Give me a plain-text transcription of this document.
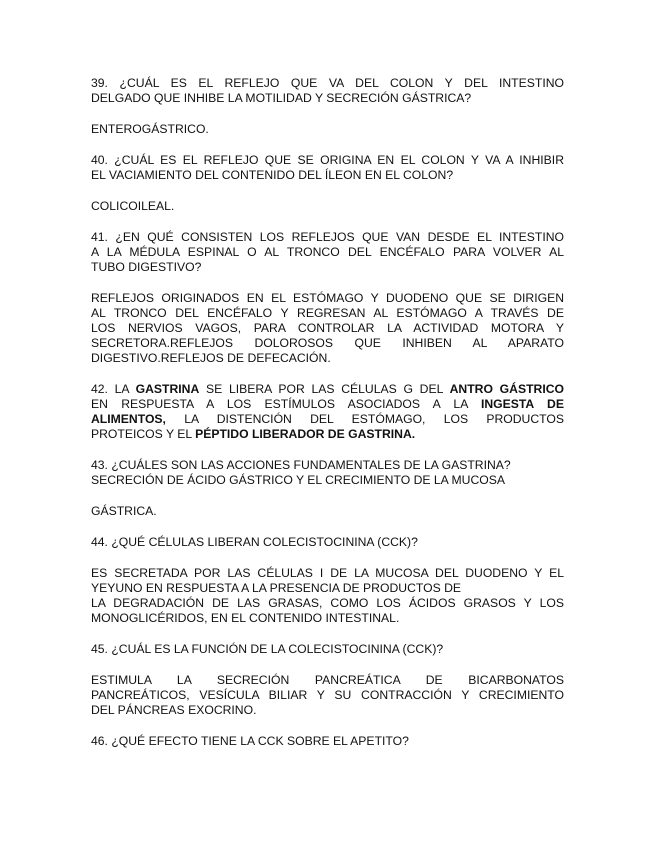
39. ¿CUÁL ES EL REFLEJO QUE VA DEL COLON Y DEL INTESTINO
DELGADO QUE INHIBE LA MOTILIDAD Y SECRECIÓN GÁSTRICA?
ENTEROGÁSTRICO.
40. ¿CUÁL ES EL REFLEJO QUE SE ORIGINA EN EL COLON Y VA A INHIBIR
EL VACIAMIENTO DEL CONTENIDO DEL ÍLEON EN EL COLON?
COLICOILEAL.
41. ¿EN QUÉ CONSISTEN LOS REFLEJOS QUE VAN DESDE EL INTESTINO
A LA MÉDULA ESPINAL O AL TRONCO DEL ENCÉFALO PARA VOLVER AL
TUBO DIGESTIVO?
REFLEJOS ORIGINADOS EN EL ESTÓMAGO Y DUODENO QUE SE DIRIGEN
AL TRONCO DEL ENCÉFALO Y REGRESAN AL ESTÓMAGO A TRAVÉS DE
LOS NERVIOS VAGOS, PARA CONTROLAR LA ACTIVIDAD MOTORA Y
SECRETORA.REFLEJOS DOLOROSOS QUE INHIBEN AL APARATO
DIGESTIVO.REFLEJOS DE DEFECACIÓN.
42. LA GASTRINA SE LIBERA POR LAS CÉLULAS G DEL ANTRO GÁSTRICO
EN RESPUESTA A LOS ESTÍMULOS ASOCIADOS A LA INGESTA DE
ALIMENTOS, LA DISTENCIÓN DEL ESTÓMAGO, LOS PRODUCTOS
PROTEICOS Y EL PÉPTIDO LIBERADOR DE GASTRINA.
43. ¿CUÁLES SON LAS ACCIONES FUNDAMENTALES DE LA GASTRINA?
SECRECIÓN DE ÁCIDO GÁSTRICO Y EL CRECIMIENTO DE LA MUCOSA
GÁSTRICA.
44. ¿QUÉ CÉLULAS LIBERAN COLECISTOCININA (CCK)?
ES SECRETADA POR LAS CÉLULAS I DE LA MUCOSA DEL DUODENO Y EL
YEYUNO EN RESPUESTA A LA PRESENCIA DE PRODUCTOS DE
LA DEGRADACIÓN DE LAS GRASAS, COMO LOS ÁCIDOS GRASOS Y LOS
MONOGLICÉRIDOS, EN EL CONTENIDO INTESTINAL.
45. ¿CUÁL ES LA FUNCIÓN DE LA COLECISTOCININA (CCK)?
ESTIMULA LA SECRECIÓN PANCREÁTICA DE BICARBONATOS
PANCREÁTICOS, VESÍCULA BILIAR Y SU CONTRACCIÓN Y CRECIMIENTO
DEL PÁNCREAS EXOCRINO.
46. ¿QUÉ EFECTO TIENE LA CCK SOBRE EL APETITO?
